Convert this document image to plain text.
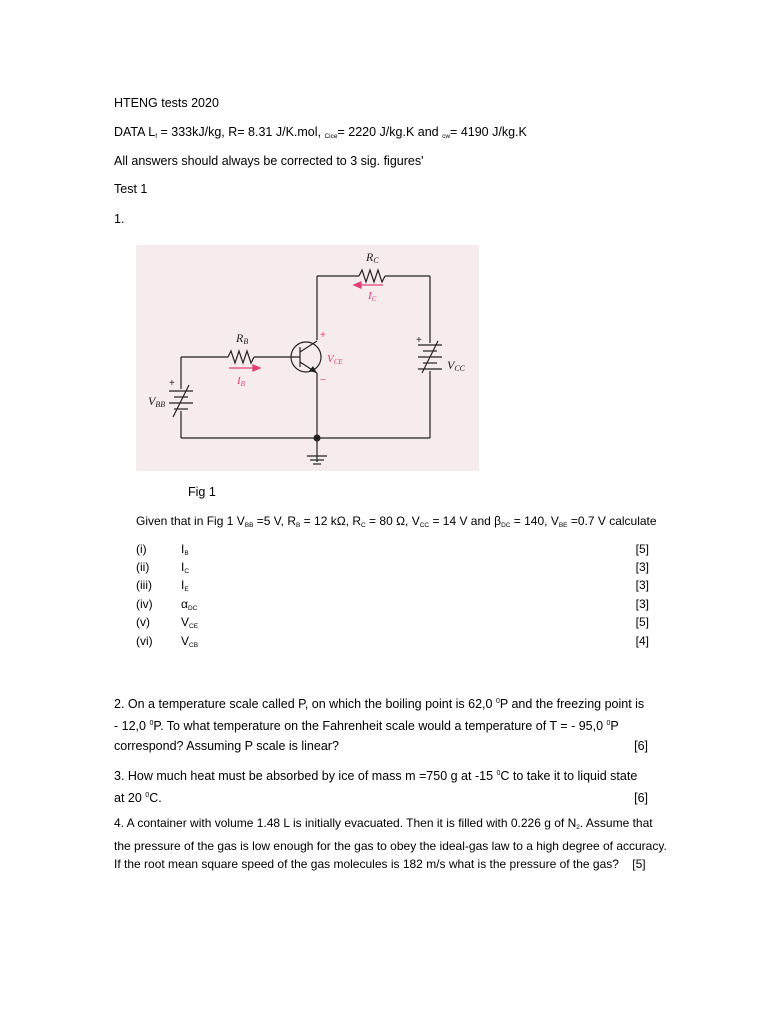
HTENG tests 2020
DATA $L_f = 333kJ/kg$, R= 8.31 J/K.mol, $_{Cice}$= 2220 J/kg.K and $_{cw}$= 4190 J/kg.K
All answers should always be corrected to 3 sig. figures'
Test 1
1.
RC
RB
VCC
VBB
IC
IB
VCE
+
−
+
+
Fig 1
Given that in Fig 1 $V_{BB} =5$ V, $R_B = 12$ kΩ, $R_C = 80$ Ω, $V_{CC} = 14$ V and $\beta_{DC} = 140$, $V_{BE} =0.7$ V calculate
(i)	$I_B$	[5]
(ii)	$I_C$	[3]
(iii) $I_E$	[3]
(iv) $\alpha_{DC}$	[3]
(v)	$V_{CE}$	[5]
(vi) $V_{CB}$	[4]
2. On a temperature scale called P, on which the boiling point is 62,0 $^0$P and the freezing point is
- 12,0 $^0$P. To what temperature on the Fahrenheit scale would a temperature of T = - 95,0 $^0$P
correspond? Assuming P scale is linear?	[6]
3. How much heat must be absorbed by ice of mass m =750 g at -15 $^0$C to take it to liquid state
at 20 $^0$C.	[6]
4. A container with volume 1.48 L is initially evacuated. Then it is filled with 0.226 g of $N_2$. Assume that
the pressure of the gas is low enough for the gas to obey the ideal-gas law to a high degree of accuracy.
If the root mean square speed of the gas molecules is 182 m/s what is the pressure of the gas? [5]
